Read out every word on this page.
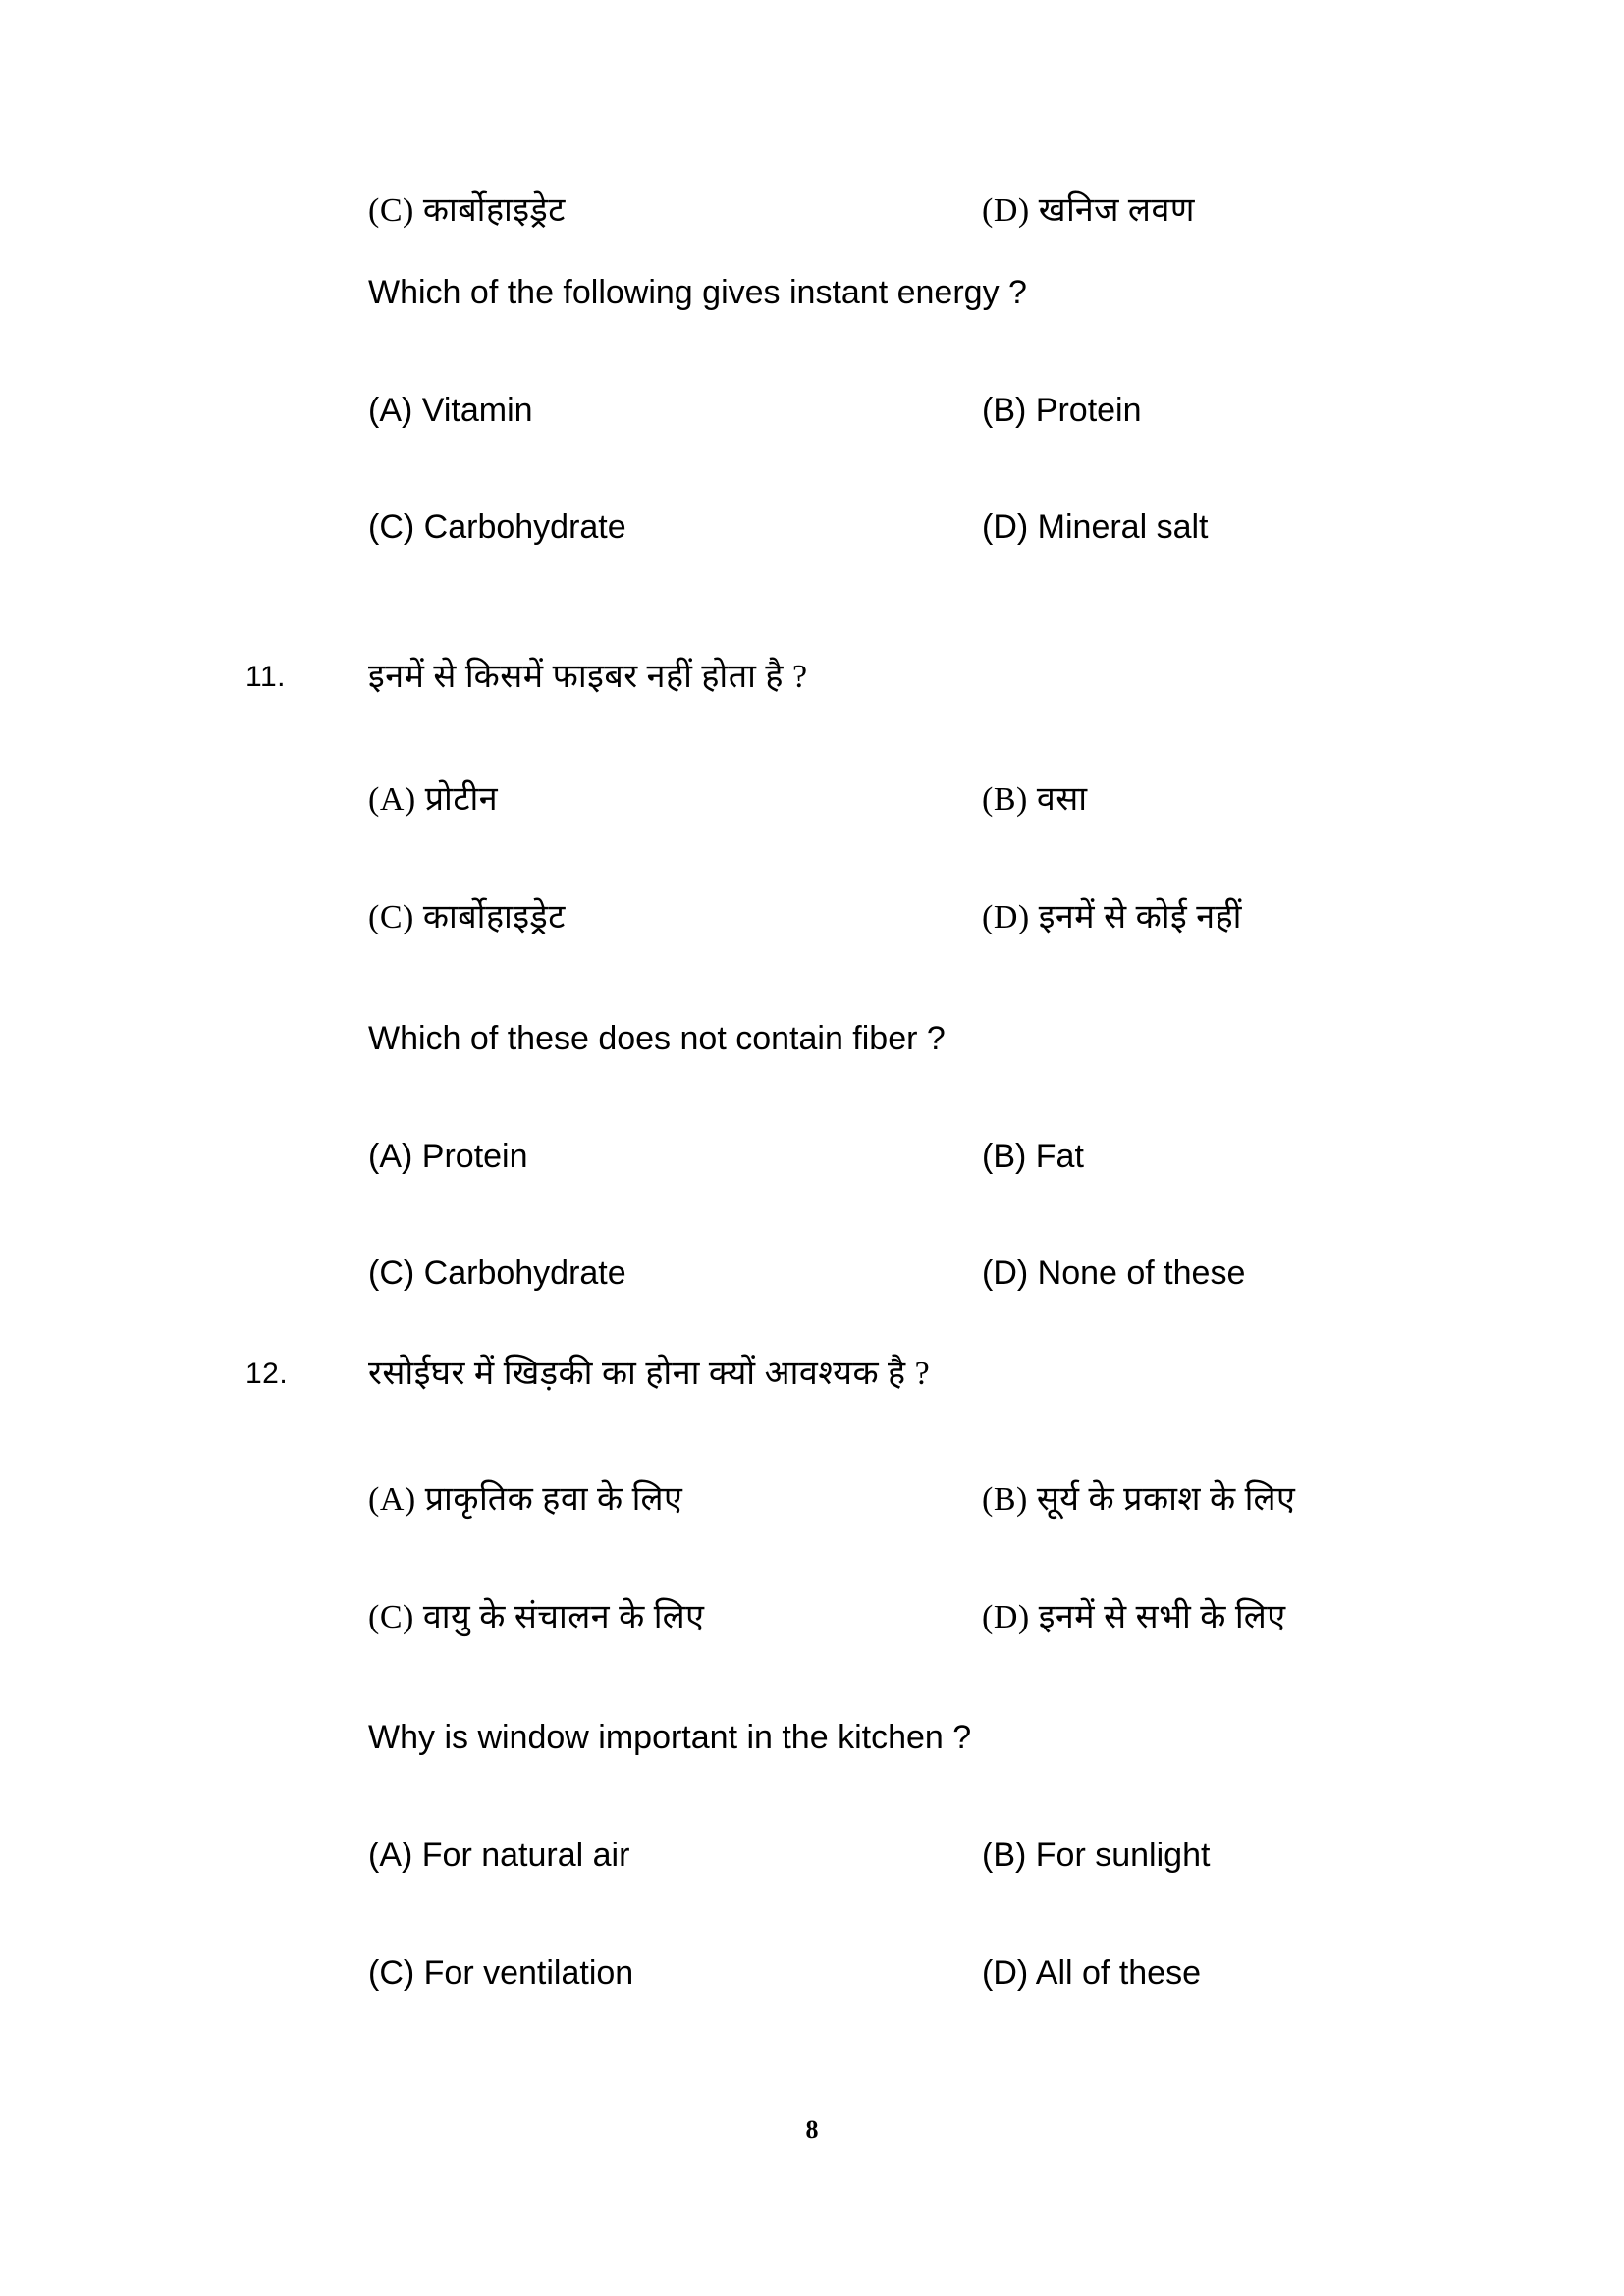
(C) कार्बोहाइड्रेट	(D) खनिज लवण
Which of the following gives instant energy ?
(A) Vitamin	(B) Protein
(C) Carbohydrate	(D) Mineral salt
11.	इनमें से किसमें फाइबर नहीं होता है ?
(A) प्रोटीन	(B) वसा
(C) कार्बोहाइड्रेट	(D) इनमें से कोई नहीं
Which of these does not contain fiber ?
(A) Protein	(B) Fat
(C) Carbohydrate	(D) None of these
12.	रसोईघर में खिड़की का होना क्यों आवश्यक है ?
(A) प्राकृतिक हवा के लिए	(B) सूर्य के प्रकाश के लिए
(C) वायु के संचालन के लिए	(D) इनमें से सभी के लिए
Why is window important in the kitchen ?
(A) For natural air	(B) For sunlight
(C) For ventilation	(D) All of these
8
